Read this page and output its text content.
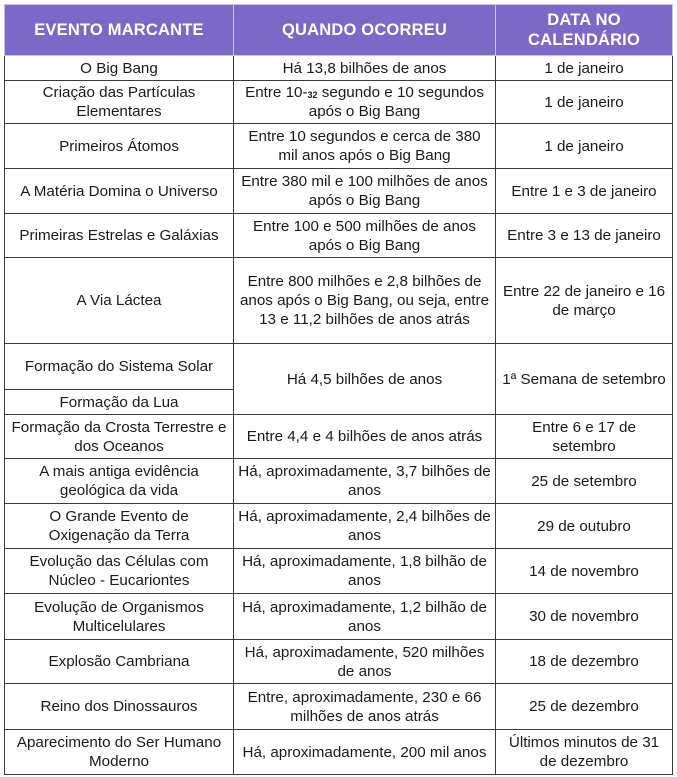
EVENTO MARCANTE	QUANDO OCORREU	DATA NO CALENDÁRIO
O Big Bang	Há 13,8 bilhões de anos	1 de janeiro
Criação das Partículas Elementares	Entre $10-_{32}$ segundo e 10 segundos após o Big Bang	1 de janeiro
Primeiros Átomos	Entre 10 segundos e cerca de 380 mil anos após o Big Bang	1 de janeiro
A Matéria Domina o Universo	Entre 380 mil e 100 milhões de anos após o Big Bang	Entre 1 e 3 de janeiro
Primeiras Estrelas e Galáxias	Entre 100 e 500 milhões de anos após o Big Bang	Entre 3 e 13 de janeiro
A Via Láctea	Entre 800 milhões e 2,8 bilhões de anos após o Big Bang, ou seja, entre 13 e 11,2 bilhões de anos atrás	Entre 22 de janeiro e 16 de março
Formação do Sistema Solar	Há 4,5 bilhões de anos	1ª Semana de setembro
Formação da Lua		
Formação da Crosta Terrestre e dos Oceanos	Entre 4,4 e 4 bilhões de anos atrás	Entre 6 e 17 de setembro
A mais antiga evidência geológica da vida	Há, aproximadamente, 3,7 bilhões de anos	25 de setembro
O Grande Evento de Oxigenação da Terra	Há, aproximadamente, 2,4 bilhões de anos	29 de outubro
Evolução das Células com Núcleo - Eucariontes	Há, aproximadamente, 1,8 bilhão de anos	14 de novembro
Evolução de Organismos Multicelulares	Há, aproximadamente, 1,2 bilhão de anos	30 de novembro
Explosão Cambriana	Há, aproximadamente, 520 milhões de anos	18 de dezembro
Reino dos Dinossauros	Entre, aproximadamente, 230 e 66 milhões de anos atrás	25 de dezembro
Aparecimento do Ser Humano Moderno	Há, aproximadamente, 200 mil anos	Últimos minutos de 31 de dezembro
